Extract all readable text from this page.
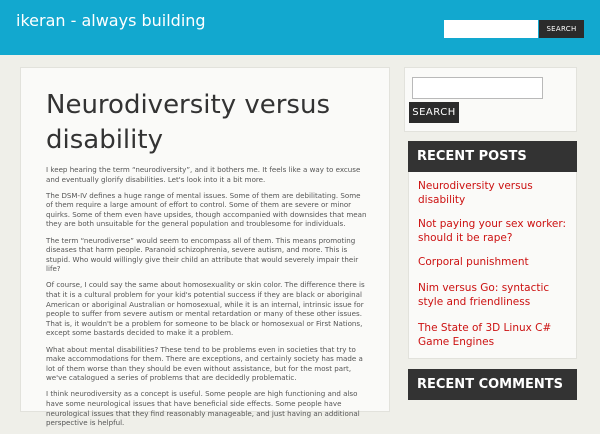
ikeran - always building	SEARCH
Neurodiversity versus disability

I keep hearing the term “neurodiversity”, and it bothers me. It feels like a way to excuse and eventually glorify disabilities. Let's look into it a bit more.

The DSM-IV defines a huge range of mental issues. Some of them are debilitating. Some of them require a large amount of effort to control. Some of them are severe or minor quirks. Some of them even have upsides, though accompanied with downsides that mean they are both unsuitable for the general population and troublesome for individuals.

The term “neurodiverse” would seem to encompass all of them. This means promoting diseases that harm people. Paranoid schizophrenia, severe autism, and more. This is stupid. Who would willingly give their child an attribute that would severely impair their life?

Of course, I could say the same about homosexuality or skin color. The difference there is that it is a cultural problem for your kid's potential success if they are black or aboriginal American or aboriginal Australian or homosexual, while it is an internal, intrinsic issue for people to suffer from severe autism or mental retardation or many of these other issues. That is, it wouldn't be a problem for someone to be black or homosexual or First Nations, except some bastards decided to make it a problem.

What about mental disabilities? These tend to be problems even in societies that try to make accommodations for them. There are exceptions, and certainly society has made a lot of them worse than they should be even without assistance, but for the most part, we've catalogued a series of problems that are decidedly problematic.

I think neurodiversity as a concept is useful. Some people are high functioning and also have some neurological issues that have beneficial side effects. Some people have neurological issues that they find reasonably manageable, and just having an additional perspective is helpful.

SEARCH
RECENT POSTS
Neurodiversity versus disability
Not paying your sex worker: should it be rape?
Corporal punishment
Nim versus Go: syntactic style and friendliness
The State of 3D Linux C# Game Engines
RECENT COMMENTS
